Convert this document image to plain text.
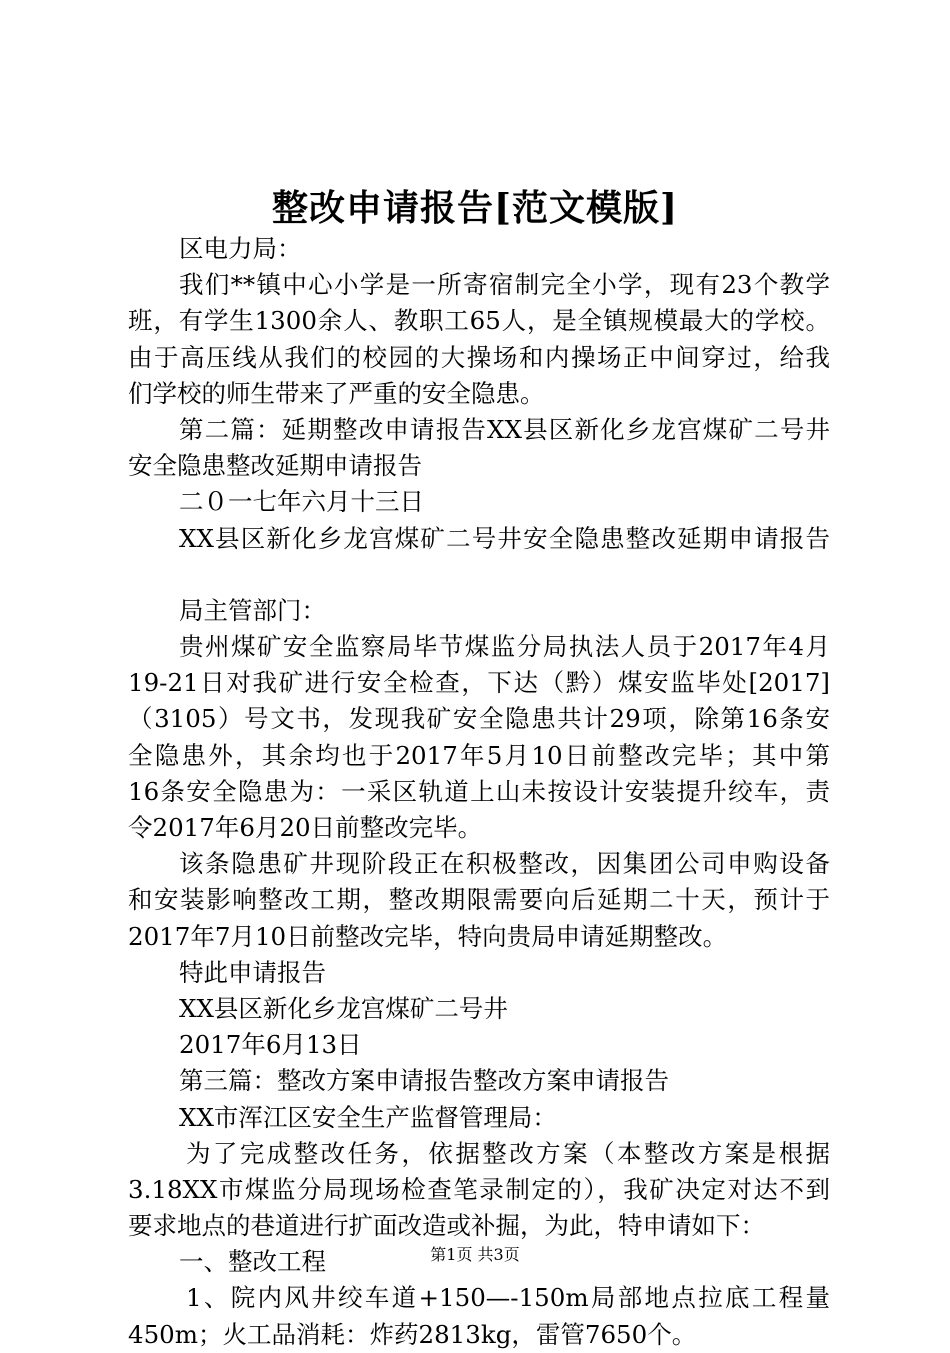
整改申请报告[范文模版]
区电力局：
我们**镇中心小学是一所寄宿制完全小学，现有23个教学
班，有学生1300余人、教职工65人，是全镇规模最大的学校。
由于高压线从我们的校园的大操场和内操场正中间穿过，给我
们学校的师生带来了严重的安全隐患。
第二篇：延期整改申请报告XX县区新化乡龙宫煤矿二号井
安全隐患整改延期申请报告
二０一七年六月十三日
XX县区新化乡龙宫煤矿二号井安全隐患整改延期申请报告
局主管部门：
贵州煤矿安全监察局毕节煤监分局执法人员于2017年4月
19-21日对我矿进行安全检查，下达（黔）煤安监毕处[2017]
（3105）号文书，发现我矿安全隐患共计29项，除第16条安
全隐患外，其余均也于2017年5月10日前整改完毕；其中第
16条安全隐患为：一采区轨道上山未按设计安装提升绞车，责
令2017年6月20日前整改完毕。
该条隐患矿井现阶段正在积极整改，因集团公司申购设备
和安装影响整改工期，整改期限需要向后延期二十天，预计于
2017年7月10日前整改完毕，特向贵局申请延期整改。
特此申请报告
XX县区新化乡龙宫煤矿二号井
2017年6月13日
第三篇：整改方案申请报告整改方案申请报告
XX市浑江区安全生产监督管理局：
为了完成整改任务，依据整改方案（本整改方案是根据
3.18XX市煤监分局现场检查笔录制定的），我矿决定对达不到
要求地点的巷道进行扩面改造或补掘，为此，特申请如下：
一、整改工程
1、院内风井绞车道+150—-150m局部地点拉底工程量
450m；火工品消耗：炸药2813kg，雷管7650个。
第1页 共3页
